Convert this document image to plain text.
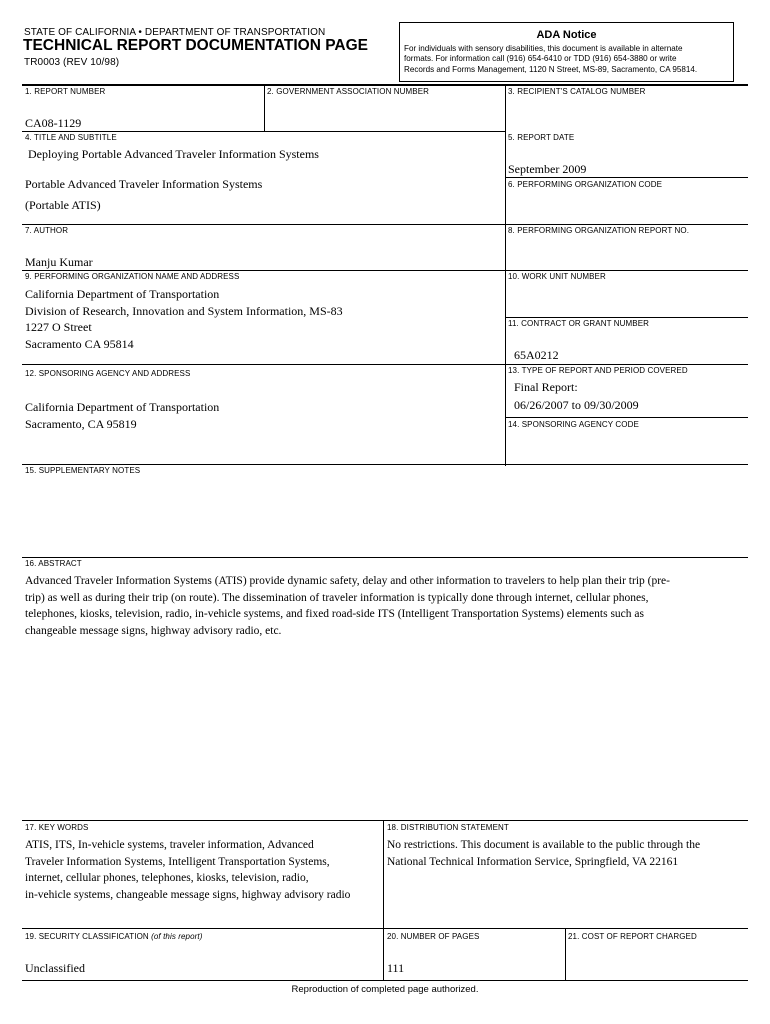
STATE OF CALIFORNIA • DEPARTMENT OF TRANSPORTATION
TECHNICAL REPORT DOCUMENTATION PAGE
TR0003 (REV 10/98)
ADA Notice
For individuals with sensory disabilities, this document is available in alternate
formats. For information call (916) 654-6410 or TDD (916) 654-3880 or write
Records and Forms Management, 1120 N Street, MS-89, Sacramento, CA 95814.
1. REPORT NUMBER
CA08-1129
2. GOVERNMENT ASSOCIATION NUMBER	3. RECIPIENT'S CATALOG NUMBER
4. TITLE AND SUBTITLE
Deploying Portable Advanced Traveler Information Systems
Portable Advanced Traveler Information Systems
(Portable ATIS)
5. REPORT DATE
September 2009
6. PERFORMING ORGANIZATION CODE
7. AUTHOR
Manju Kumar
8. PERFORMING ORGANIZATION REPORT NO.
9. PERFORMING ORGANIZATION NAME AND ADDRESS
California Department of Transportation
Division of Research, Innovation and System Information, MS-83
1227 O Street
Sacramento CA 95814
10. WORK UNIT NUMBER
11. CONTRACT OR GRANT NUMBER
65A0212
12. SPONSORING AGENCY AND ADDRESS
California Department of Transportation
Sacramento, CA 95819
13. TYPE OF REPORT AND PERIOD COVERED
Final Report:
06/26/2007 to 09/30/2009
14. SPONSORING AGENCY CODE
15. SUPPLEMENTARY NOTES
16. ABSTRACT
Advanced Traveler Information Systems (ATIS) provide dynamic safety, delay and other information to travelers to help plan their trip (pre-
trip) as well as during their trip (on route). The dissemination of traveler information is typically done through internet, cellular phones,
telephones, kiosks, television, radio, in-vehicle systems, and fixed road-side ITS (Intelligent Transportation Systems) elements such as
changeable message signs, highway advisory radio, etc.
17. KEY WORDS
ATIS, ITS, In-vehicle systems, traveler information, Advanced
Traveler Information Systems, Intelligent Transportation Systems,
internet, cellular phones, telephones, kiosks, television, radio,
in-vehicle systems, changeable message signs, highway advisory radio
18. DISTRIBUTION STATEMENT
No restrictions. This document is available to the public through the
National Technical Information Service, Springfield, VA 22161
19. SECURITY CLASSIFICATION (of this report)
Unclassified
20. NUMBER OF PAGES
111
21. COST OF REPORT CHARGED
Reproduction of completed page authorized.
